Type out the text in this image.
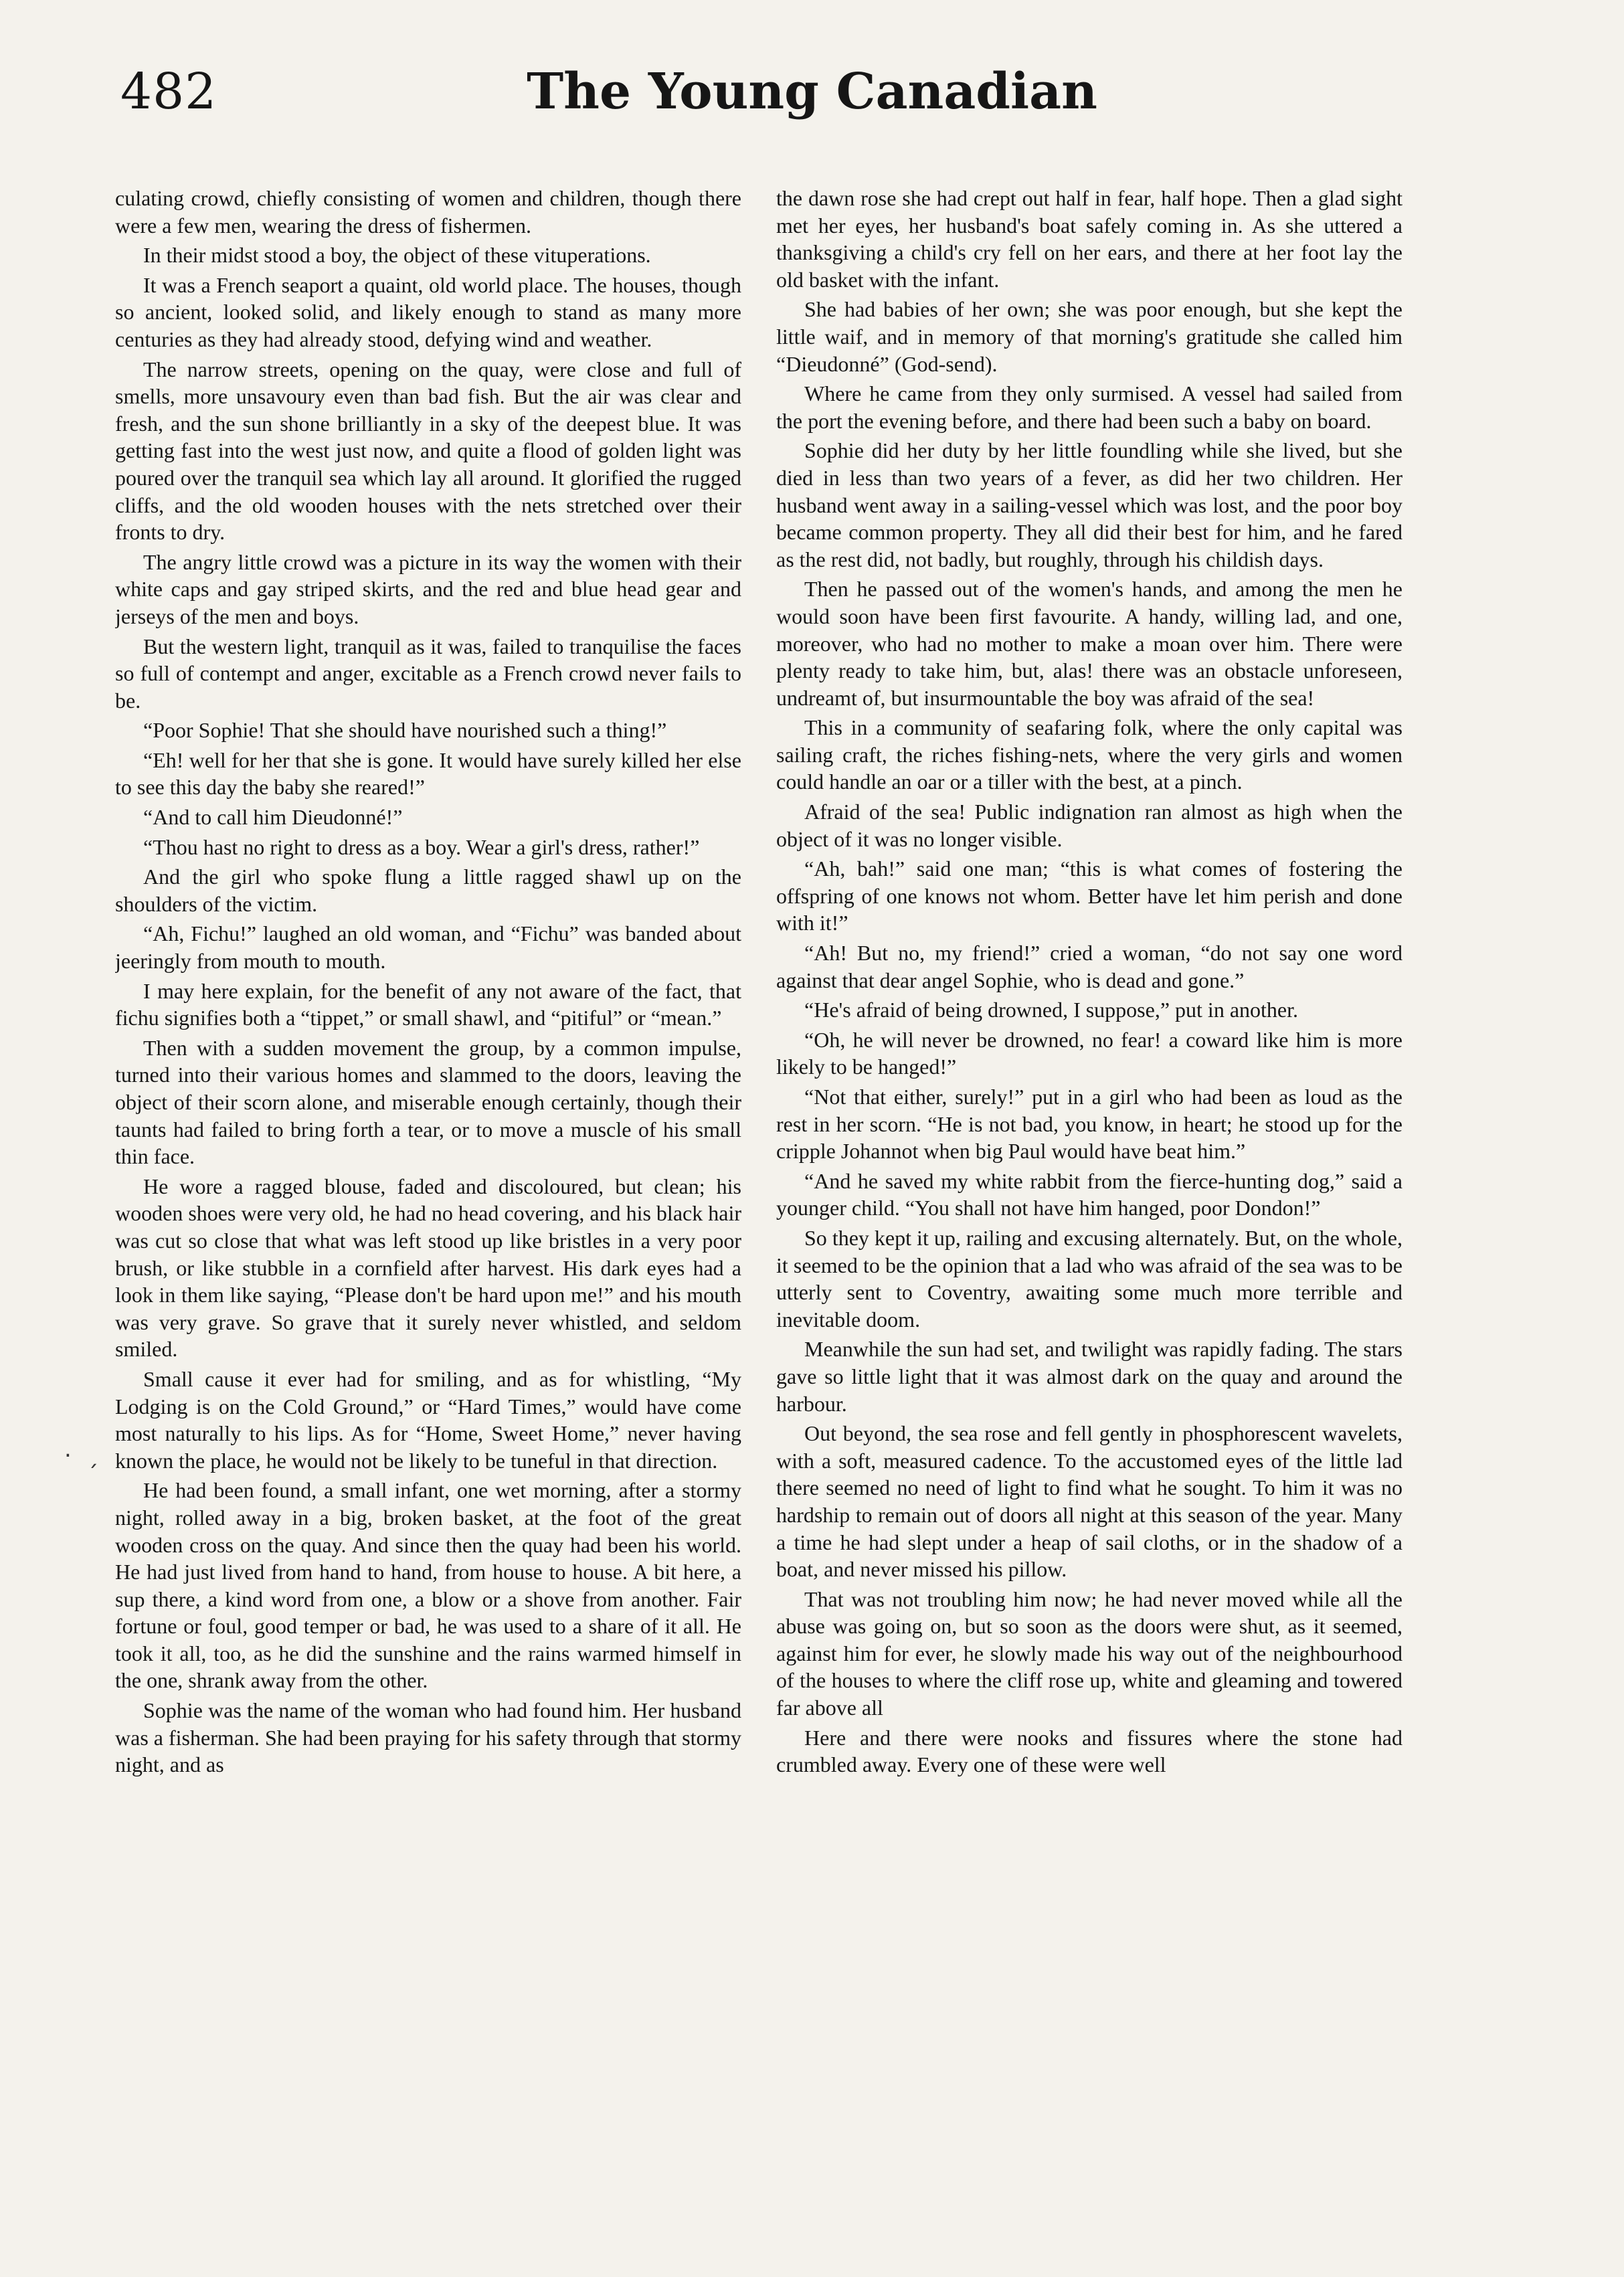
482	The Young Canadian
.
ˊ

culating crowd, chiefly consisting of women and children, though there were a few men, wearing the dress of fishermen.

In their midst stood a boy, the object of these vituperations.

It was a French seaport a quaint, old world place. The houses, though so ancient, looked solid, and likely enough to stand as many more centuries as they had already stood, defying wind and weather.

The narrow streets, opening on the quay, were close and full of smells, more unsavoury even than bad fish. But the air was clear and fresh, and the sun shone brilliantly in a sky of the deepest blue. It was getting fast into the west just now, and quite a flood of golden light was poured over the tranquil sea which lay all around. It glorified the rugged cliffs, and the old wooden houses with the nets stretched over their fronts to dry.

The angry little crowd was a picture in its way the women with their white caps and gay striped skirts, and the red and blue head gear and jerseys of the men and boys.

But the western light, tranquil as it was, failed to tranquilise the faces so full of contempt and anger, excitable as a French crowd never fails to be.

“Poor Sophie! That she should have nourished such a thing!”

“Eh! well for her that she is gone. It would have surely killed her else to see this day the baby she reared!”

“And to call him Dieudonné!”

“Thou hast no right to dress as a boy. Wear a girl's dress, rather!”

And the girl who spoke flung a little ragged shawl up on the shoulders of the victim.

“Ah, Fichu!” laughed an old woman, and “Fichu” was banded about jeeringly from mouth to mouth.

I may here explain, for the benefit of any not aware of the fact, that fichu signifies both a “tippet,” or small shawl, and “pitiful” or “mean.”

Then with a sudden movement the group, by a common impulse, turned into their various homes and slammed to the doors, leaving the object of their scorn alone, and miserable enough certainly, though their taunts had failed to bring forth a tear, or to move a muscle of his small thin face.

He wore a ragged blouse, faded and discoloured, but clean; his wooden shoes were very old, he had no head covering, and his black hair was cut so close that what was left stood up like bristles in a very poor brush, or like stubble in a cornfield after harvest. His dark eyes had a look in them like saying, “Please don't be hard upon me!” and his mouth was very grave. So grave that it surely never whistled, and seldom smiled.

Small cause it ever had for smiling, and as for whistling, “My Lodging is on the Cold Ground,” or “Hard Times,” would have come most naturally to his lips. As for “Home, Sweet Home,” never having known the place, he would not be likely to be tuneful in that direction.

He had been found, a small infant, one wet morning, after a stormy night, rolled away in a big, broken basket, at the foot of the great wooden cross on the quay. And since then the quay had been his world. He had just lived from hand to hand, from house to house. A bit here, a sup there, a kind word from one, a blow or a shove from another. Fair fortune or foul, good temper or bad, he was used to a share of it all. He took it all, too, as he did the sunshine and the rains warmed himself in the one, shrank away from the other.

Sophie was the name of the woman who had found him. Her husband was a fisherman. She had been praying for his safety through that stormy night, and as

the dawn rose she had crept out half in fear, half hope. Then a glad sight met her eyes, her husband's boat safely coming in. As she uttered a thanksgiving a child's cry fell on her ears, and there at her foot lay the old basket with the infant.

She had babies of her own; she was poor enough, but she kept the little waif, and in memory of that morning's gratitude she called him “Dieudonné” (God-send).

Where he came from they only surmised. A vessel had sailed from the port the evening before, and there had been such a baby on board.

Sophie did her duty by her little foundling while she lived, but she died in less than two years of a fever, as did her two children. Her husband went away in a sailing-vessel which was lost, and the poor boy became common property. They all did their best for him, and he fared as the rest did, not badly, but roughly, through his childish days.

Then he passed out of the women's hands, and among the men he would soon have been first favourite. A handy, willing lad, and one, moreover, who had no mother to make a moan over him. There were plenty ready to take him, but, alas! there was an obstacle unforeseen, undreamt of, but insurmountable the boy was afraid of the sea!

This in a community of seafaring folk, where the only capital was sailing craft, the riches fishing-nets, where the very girls and women could handle an oar or a tiller with the best, at a pinch.

Afraid of the sea! Public indignation ran almost as high when the object of it was no longer visible.

“Ah, bah!” said one man; “this is what comes of fostering the offspring of one knows not whom. Better have let him perish and done with it!”

“Ah! But no, my friend!” cried a woman, “do not say one word against that dear angel Sophie, who is dead and gone.”

“He's afraid of being drowned, I suppose,” put in another.

“Oh, he will never be drowned, no fear! a coward like him is more likely to be hanged!”

“Not that either, surely!” put in a girl who had been as loud as the rest in her scorn. “He is not bad, you know, in heart; he stood up for the cripple Johannot when big Paul would have beat him.”

“And he saved my white rabbit from the fierce-hunting dog,” said a younger child. “You shall not have him hanged, poor Dondon!”

So they kept it up, railing and excusing alternately. But, on the whole, it seemed to be the opinion that a lad who was afraid of the sea was to be utterly sent to Coventry, awaiting some much more terrible and inevitable doom.

Meanwhile the sun had set, and twilight was rapidly fading. The stars gave so little light that it was almost dark on the quay and around the harbour.

Out beyond, the sea rose and fell gently in phosphorescent wavelets, with a soft, measured cadence. To the accustomed eyes of the little lad there seemed no need of light to find what he sought. To him it was no hardship to remain out of doors all night at this season of the year. Many a time he had slept under a heap of sail cloths, or in the shadow of a boat, and never missed his pillow.

That was not troubling him now; he had never moved while all the abuse was going on, but so soon as the doors were shut, as it seemed, against him for ever, he slowly made his way out of the neighbourhood of the houses to where the cliff rose up, white and gleaming and towered far above all

Here and there were nooks and fissures where the stone had crumbled away. Every one of these were well
